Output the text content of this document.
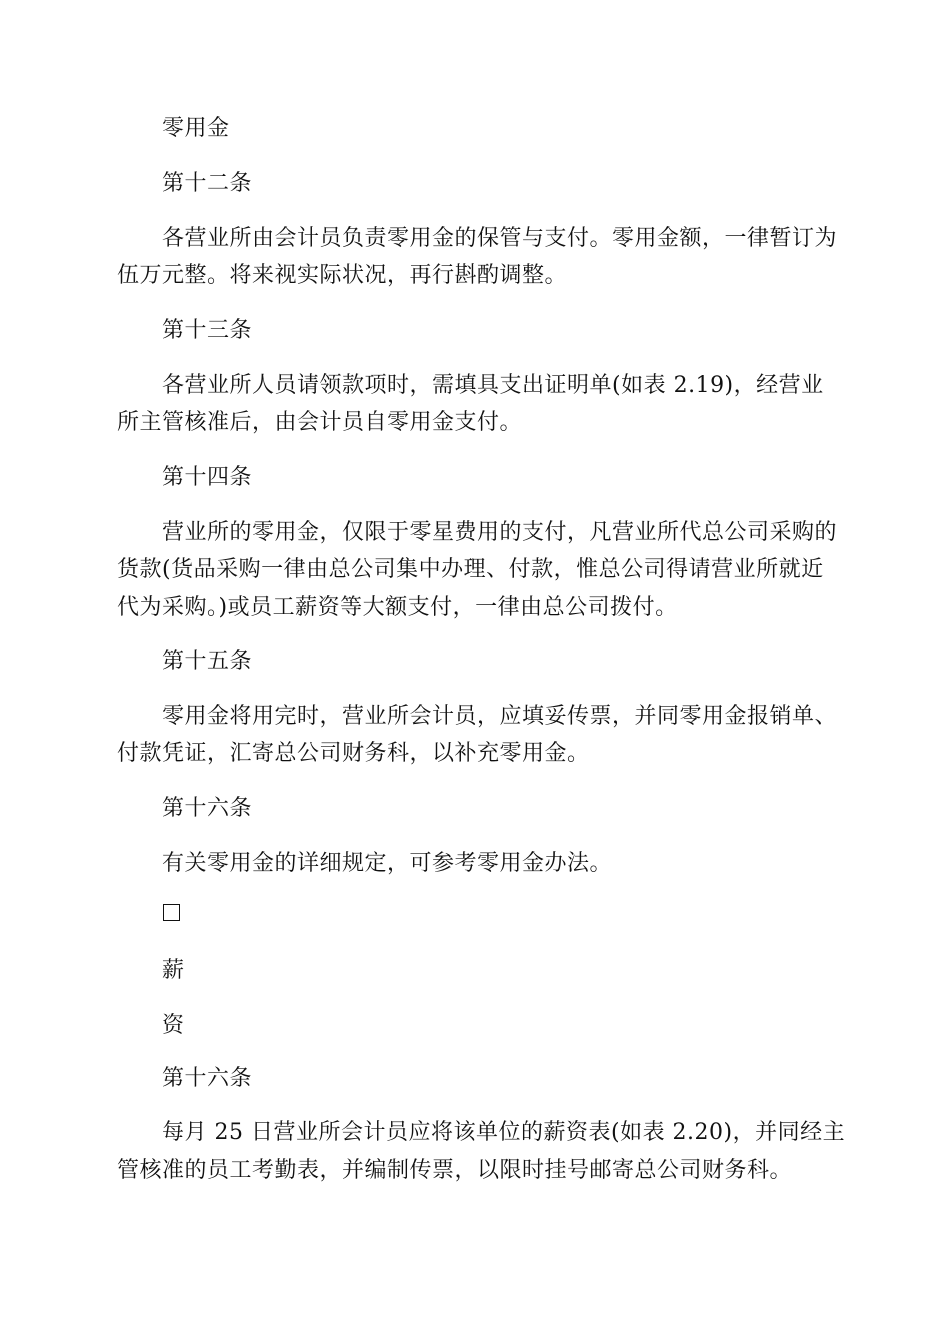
零用金
第十二条
各营业所由会计员负责零用金的保管与支付。零用金额，一律暂订为
伍万元整。将来视实际状况，再行斟酌调整。
第十三条
各营业所人员请领款项时，需填具支出证明单(如表 2.19)，经营业
所主管核准后，由会计员自零用金支付。
第十四条
营业所的零用金，仅限于零星费用的支付，凡营业所代总公司采购的
货款(货品采购一律由总公司集中办理、付款，惟总公司得请营业所就近
代为采购。)或员工薪资等大额支付，一律由总公司拨付。
第十五条
零用金将用完时，营业所会计员，应填妥传票，并同零用金报销单、
付款凭证，汇寄总公司财务科，以补充零用金。
第十六条
有关零用金的详细规定，可参考零用金办法。
薪
资
第十六条
每月 25 日营业所会计员应将该单位的薪资表(如表 2.20)，并同经主
管核准的员工考勤表，并编制传票，以限时挂号邮寄总公司财务科。
